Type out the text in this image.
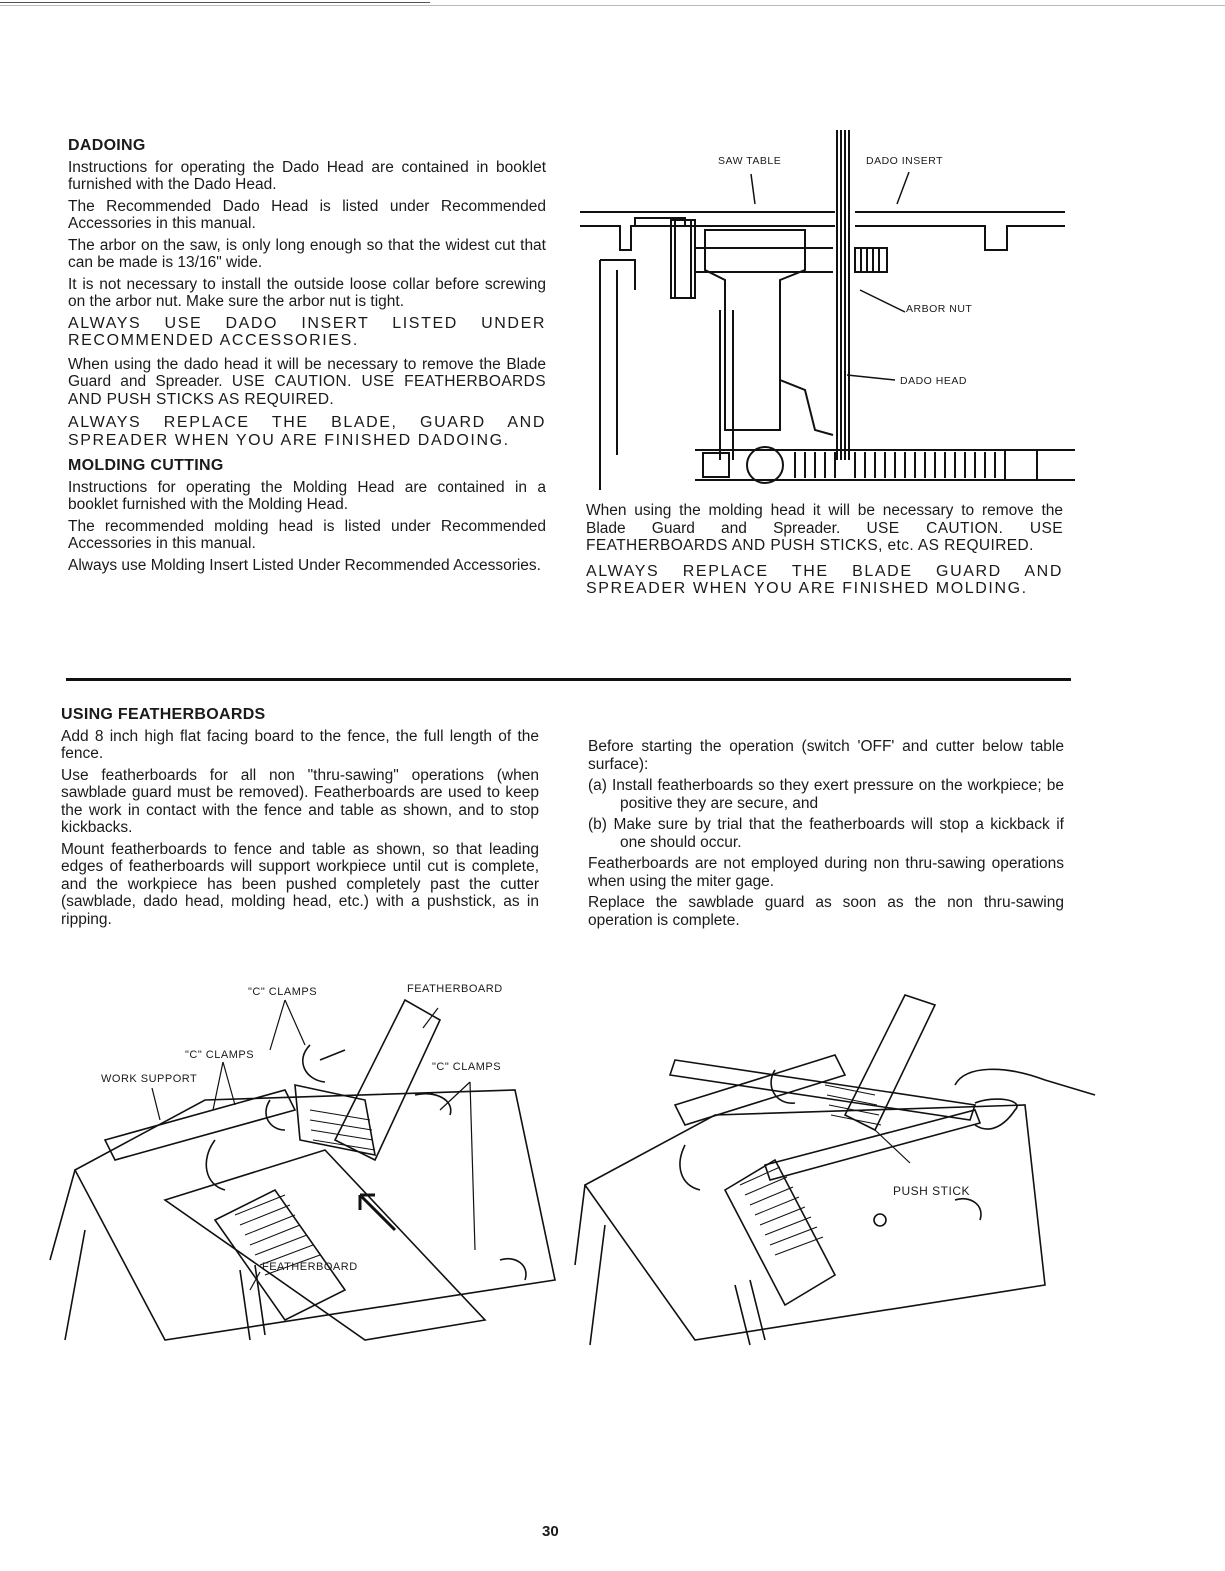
DADOING

Instructions for operating the Dado Head are contained in booklet furnished with the Dado Head.

The Recommended Dado Head is listed under Recommended Accessories in this manual.

The arbor on the saw, is only long enough so that the widest cut that can be made is 13/16" wide.

It is not necessary to install the outside loose collar before screwing on the arbor nut. Make sure the arbor nut is tight.

ALWAYS USE DADO INSERT LISTED UNDER RECOMMENDED ACCESSORIES.

When using the dado head it will be necessary to remove the Blade Guard and Spreader. USE CAUTION. USE FEATHERBOARDS AND PUSH STICKS AS REQUIRED.

ALWAYS REPLACE THE BLADE, GUARD AND SPREADER WHEN YOU ARE FINISHED DADOING.

MOLDING CUTTING

Instructions for operating the Molding Head are contained in a booklet furnished with the Molding Head.

The recommended molding head is listed under Recommended Accessories in this manual.

Always use Molding Insert Listed Under Recommended Accessories.

SAW TABLE	DADO INSERT
ARBOR NUT
DADO HEAD

When using the molding head it will be necessary to remove the Blade Guard and Spreader. USE CAUTION. USE FEATHERBOARDS AND PUSH STICKS, etc. AS REQUIRED.

ALWAYS REPLACE THE BLADE GUARD AND SPREADER WHEN YOU ARE FINISHED MOLDING.

USING FEATHERBOARDS

Add 8 inch high flat facing board to the fence, the full length of the fence.

Use featherboards for all non "thru-sawing" operations (when sawblade guard must be removed). Featherboards are used to keep the work in contact with the fence and table as shown, and to stop kickbacks.

Mount featherboards to fence and table as shown, so that leading edges of featherboards will support workpiece until cut is complete, and the workpiece has been pushed completely past the cutter (sawblade, dado head, molding head, etc.) with a pushstick, as in ripping.

Before starting the operation (switch 'OFF' and cutter below table surface):

(a) Install featherboards so they exert pressure on the workpiece; be positive they are secure, and

(b) Make sure by trial that the featherboards will stop a kickback if one should occur.

Featherboards are not employed during non thru-sawing operations when using the miter gage.

Replace the sawblade guard as soon as the non thru-sawing operation is complete.

"C" CLAMPS	FEATHERBOARD
"C" CLAMPS
WORK SUPPORT
"C" CLAMPS
FEATHERBOARD
PUSH STICK
30
